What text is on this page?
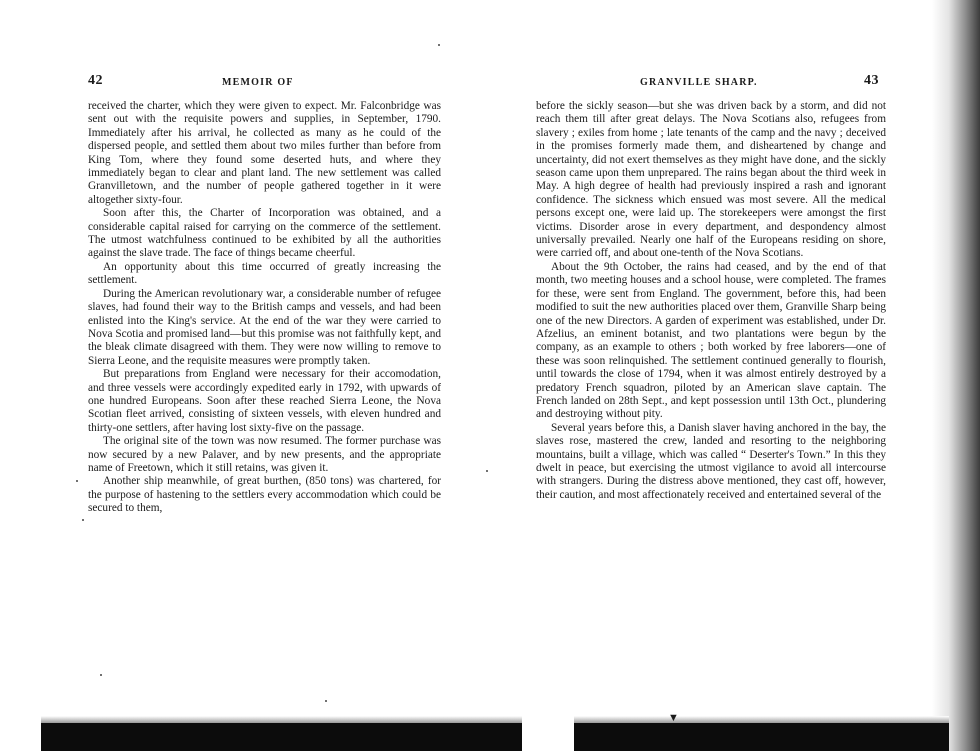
42	MEMOIR OF

received the charter, which they were given to expect. Mr. Falconbridge was sent out with the requisite powers and supplies, in September, 1790. Immediately after his arrival, he collected as many as he could of the dispersed people, and settled them about two miles further than before from King Tom, where they found some deserted huts, and where they immediately began to clear and plant land. The new settlement was called Granvilletown, and the number of people gathered together in it were altogether sixty-four.

Soon after this, the Charter of Incorporation was obtained, and a considerable capital raised for carrying on the commerce of the settlement. The utmost watchfulness continued to be exhibited by all the authorities against the slave trade. The face of things became cheerful.

An opportunity about this time occurred of greatly increasing the settlement.

During the American revolutionary war, a considerable number of refugee slaves, had found their way to the British camps and vessels, and had been enlisted into the King's service. At the end of the war they were carried to Nova Scotia and promised land—but this promise was not faithfully kept, and the bleak climate disagreed with them. They were now willing to remove to Sierra Leone, and the requisite measures were promptly taken.

But preparations from England were necessary for their accomodation, and three vessels were accordingly expedited early in 1792, with upwards of one hundred Europeans. Soon after these reached Sierra Leone, the Nova Scotian fleet arrived, consisting of sixteen vessels, with eleven hundred and thirty-one settlers, after having lost sixty-five on the passage.

The original site of the town was now resumed. The former purchase was now secured by a new Palaver, and by new presents, and the appropriate name of Freetown, which it still retains, was given it.

Another ship meanwhile, of great burthen, (850 tons) was chartered, for the purpose of hastening to the settlers every accommodation which could be secured to them,

GRANVILLE SHARP.	43

before the sickly season—but she was driven back by a storm, and did not reach them till after great delays. The Nova Scotians also, refugees from slavery ; exiles from home ; late tenants of the camp and the navy ; deceived in the promises formerly made them, and disheartened by change and uncertainty, did not exert themselves as they might have done, and the sickly season came upon them unprepared. The rains began about the third week in May. A high degree of health had previously inspired a rash and ignorant confidence. The sickness which ensued was most severe. All the medical persons except one, were laid up. The storekeepers were amongst the first victims. Disorder arose in every department, and despondency almost universally prevailed. Nearly one half of the Europeans residing on shore, were carried off, and about one-tenth of the Nova Scotians.

About the 9th October, the rains had ceased, and by the end of that month, two meeting houses and a school house, were completed. The frames for these, were sent from England. The government, before this, had been modified to suit the new authorities placed over them, Granville Sharp being one of the new Directors. A garden of experiment was established, under Dr. Afzelius, an eminent botanist, and two plantations were begun by the company, as an example to others ; both worked by free laborers—one of these was soon relinquished. The settlement continued generally to flourish, until towards the close of 1794, when it was almost entirely destroyed by a predatory French squadron, piloted by an American slave captain. The French landed on 28th Sept., and kept possession until 13th Oct., plundering and destroying without pity.

Several years before this, a Danish slaver having anchored in the bay, the slaves rose, mastered the crew, landed and resorting to the neighboring mountains, built a village, which was called “ Deserter's Town.” In this they dwelt in peace, but exercising the utmost vigilance to avoid all intercourse with strangers. During the distress above mentioned, they cast off, however, their caution, and most affectionately received and entertained several of the

▼
